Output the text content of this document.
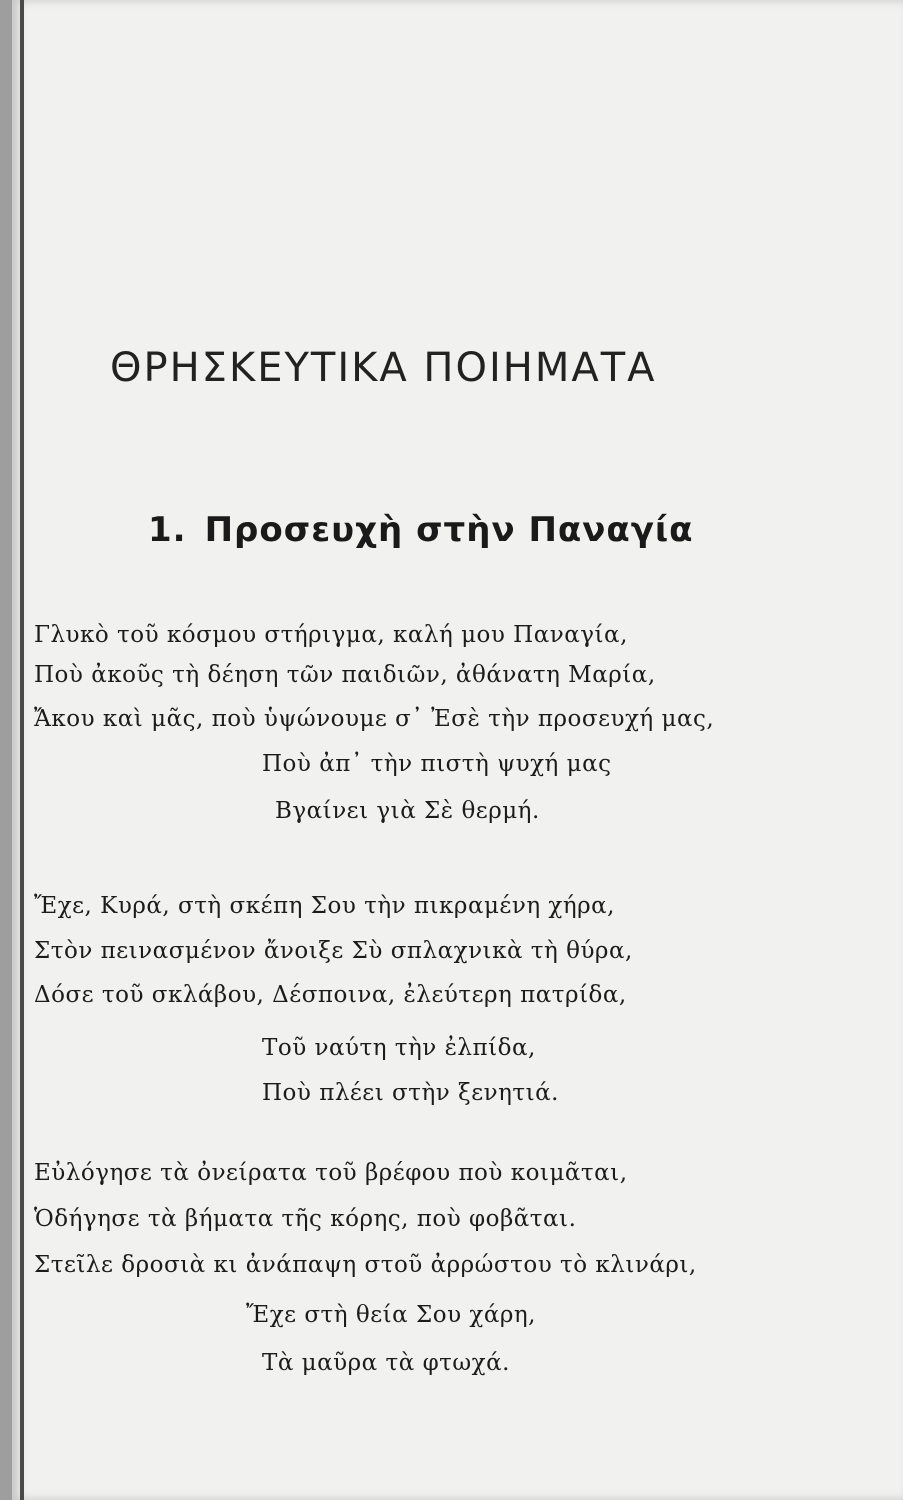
ΘΡΗΣΚΕΥΤΙΚΑ ΠΟΙΗΜΑΤΑ
1. Προσευχὴ στὴν Παναγία
Γλυκὸ τοῦ κόσμου στήριγμα, καλή μου Παναγία,
Ποὺ ἀκοῦς τὴ δέηση τῶν παιδιῶν, ἀθάνατη Μαρία,
Ἄκου καὶ μᾶς, ποὺ ὑψώνουμε σ᾽ Ἐσὲ τὴν προσευχή μας,
Ποὺ ἀπ᾽ τὴν πιστὴ ψυχή μας
Βγαίνει γιὰ Σὲ θερμή.
Ἔχε, Κυρά, στὴ σκέπη Σου τὴν πικραμένη χήρα,
Στὸν πεινασμένον ἄνοιξε Σὺ σπλαχνικὰ τὴ θύρα,
Δόσε τοῦ σκλάβου, Δέσποινα, ἐλεύτερη πατρίδα,
Τοῦ ναύτη τὴν ἐλπίδα,
Ποὺ πλέει στὴν ξενητιά.
Εὐλόγησε τὰ ὀνείρατα τοῦ βρέφου ποὺ κοιμᾶται,
Ὁδήγησε τὰ βήματα τῆς κόρης, ποὺ φοβᾶται.
Στεῖλε δροσιὰ κι ἀνάπαψη στοῦ ἀρρώστου τὸ κλινάρι,
Ἔχε στὴ θεία Σου χάρη,
Τὰ μαῦρα τὰ φτωχά.
